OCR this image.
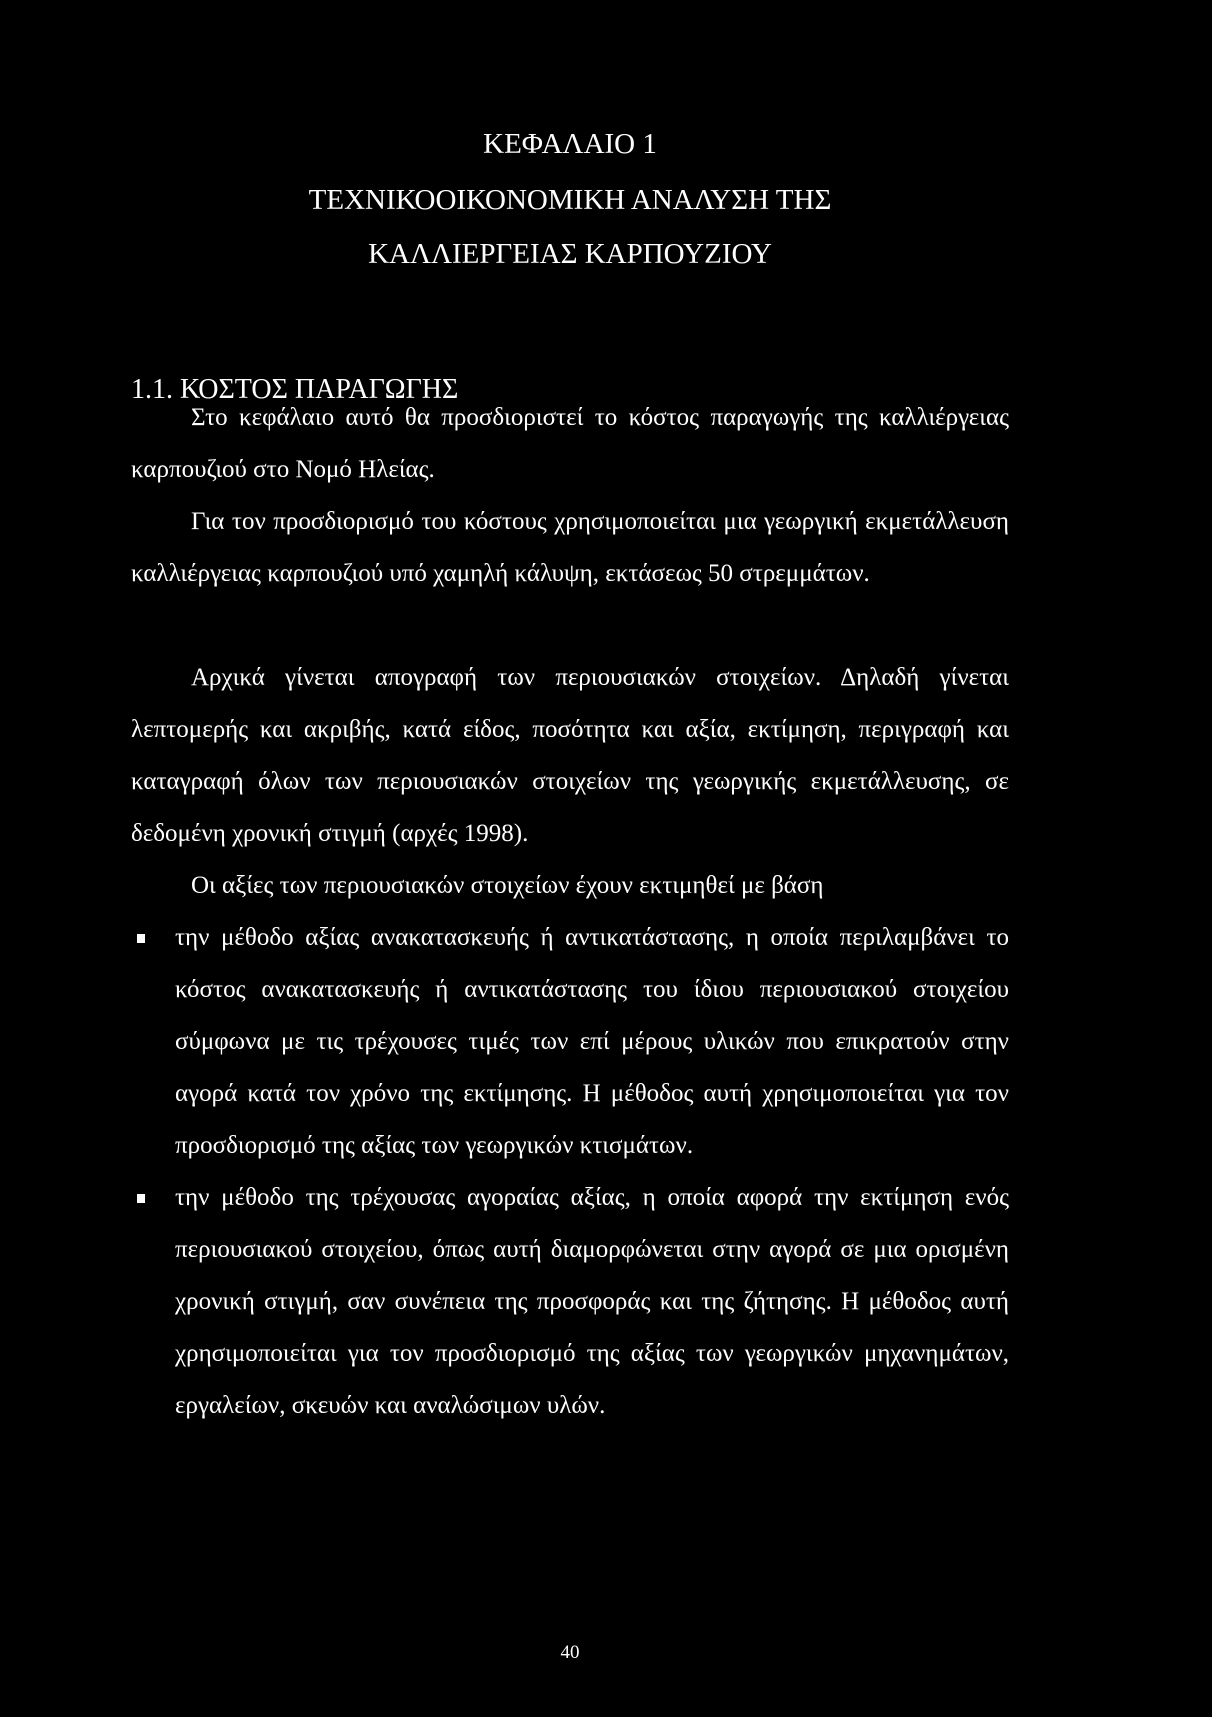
ΚΕΦΑΛΑΙΟ 1
ΤΕΧΝΙΚΟΟΙΚΟΝΟΜΙΚΗ ΑΝΑΛΥΣΗ ΤΗΣ
ΚΑΛΛΙΕΡΓΕΙΑΣ ΚΑΡΠΟΥΖΙΟΥ
1.1. ΚΟΣΤΟΣ ΠΑΡΑΓΩΓΗΣ

Στο κεφάλαιο αυτό θα προσδιοριστεί το κόστος παραγωγής της καλλιέργειας καρπουζιού στο Νομό Ηλείας.

Για τον προσδιορισμό του κόστους χρησιμοποιείται μια γεωργική εκμετάλλευση καλλιέργειας καρπουζιού υπό χαμηλή κάλυψη, εκτάσεως 50 στρεμμάτων.

Αρχικά γίνεται απογραφή των περιουσιακών στοιχείων. Δηλαδή γίνεται λεπτομερής και ακριβής, κατά είδος, ποσότητα και αξία, εκτίμηση, περιγραφή και καταγραφή όλων των περιουσιακών στοιχείων της γεωργικής εκμετάλλευσης, σε δεδομένη χρονική στιγμή (αρχές 1998).

Οι αξίες των περιουσιακών στοιχείων έχουν εκτιμηθεί με βάση

την μέθοδο αξίας ανακατασκευής ή αντικατάστασης, η οποία περιλαμβάνει το κόστος ανακατασκευής ή αντικατάστασης του ίδιου περιουσιακού στοιχείου σύμφωνα με τις τρέχουσες τιμές των επί μέρους υλικών που επικρατούν στην αγορά κατά τον χρόνο της εκτίμησης. Η μέθοδος αυτή χρησιμοποιείται για τον προσδιορισμό της αξίας των γεωργικών κτισμάτων.
την μέθοδο της τρέχουσας αγοραίας αξίας, η οποία αφορά την εκτίμηση ενός περιουσιακού στοιχείου, όπως αυτή διαμορφώνεται στην αγορά σε μια ορισμένη χρονική στιγμή, σαν συνέπεια της προσφοράς και της ζήτησης. Η μέθοδος αυτή χρησιμοποιείται για τον προσδιορισμό της αξίας των γεωργικών μηχανημάτων, εργαλείων, σκευών και αναλώσιμων υλών.
40
